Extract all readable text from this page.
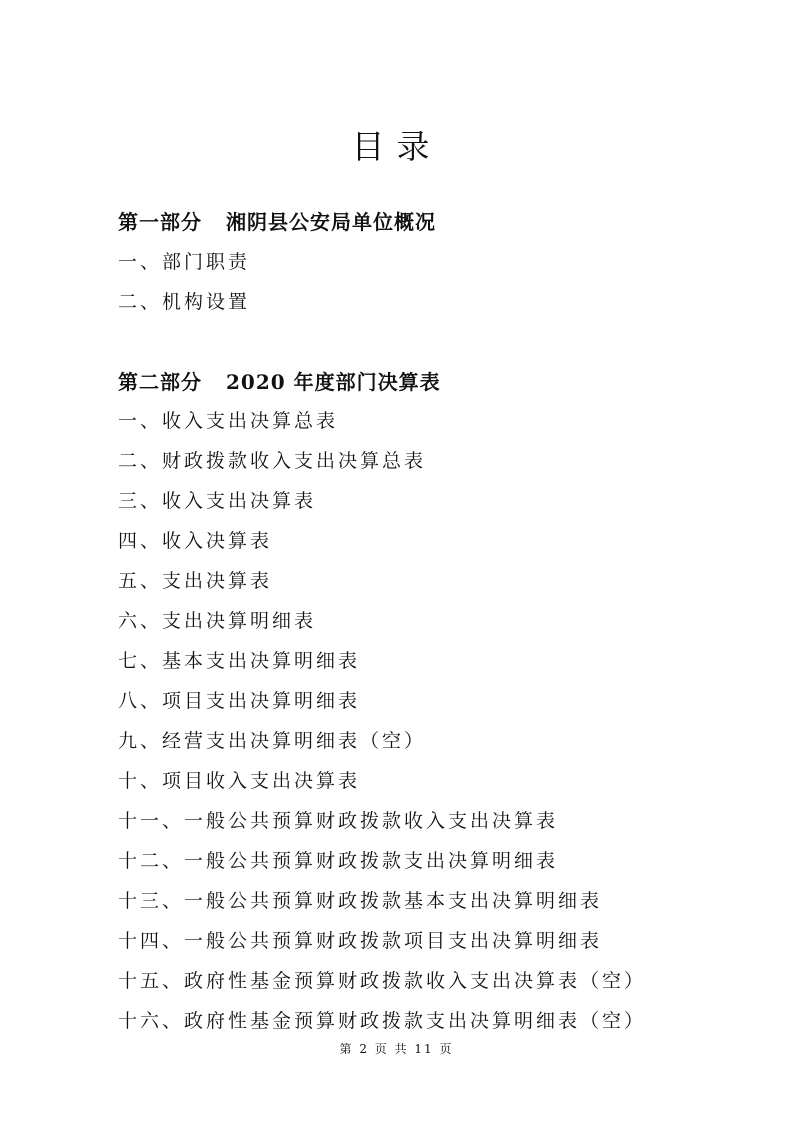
目录
第一部分 湘阴县公安局单位概况
一、部门职责
二、机构设置
第二部分 2020 年度部门决算表
一、收入支出决算总表
二、财政拨款收入支出决算总表
三、收入支出决算表
四、收入决算表
五、支出决算表
六、支出决算明细表
七、基本支出决算明细表
八、项目支出决算明细表
九、经营支出决算明细表（空）
十、项目收入支出决算表
十一、一般公共预算财政拨款收入支出决算表
十二、一般公共预算财政拨款支出决算明细表
十三、一般公共预算财政拨款基本支出决算明细表
十四、一般公共预算财政拨款项目支出决算明细表
十五、政府性基金预算财政拨款收入支出决算表（空）
十六、政府性基金预算财政拨款支出决算明细表（空）
第 2 页 共 11 页
